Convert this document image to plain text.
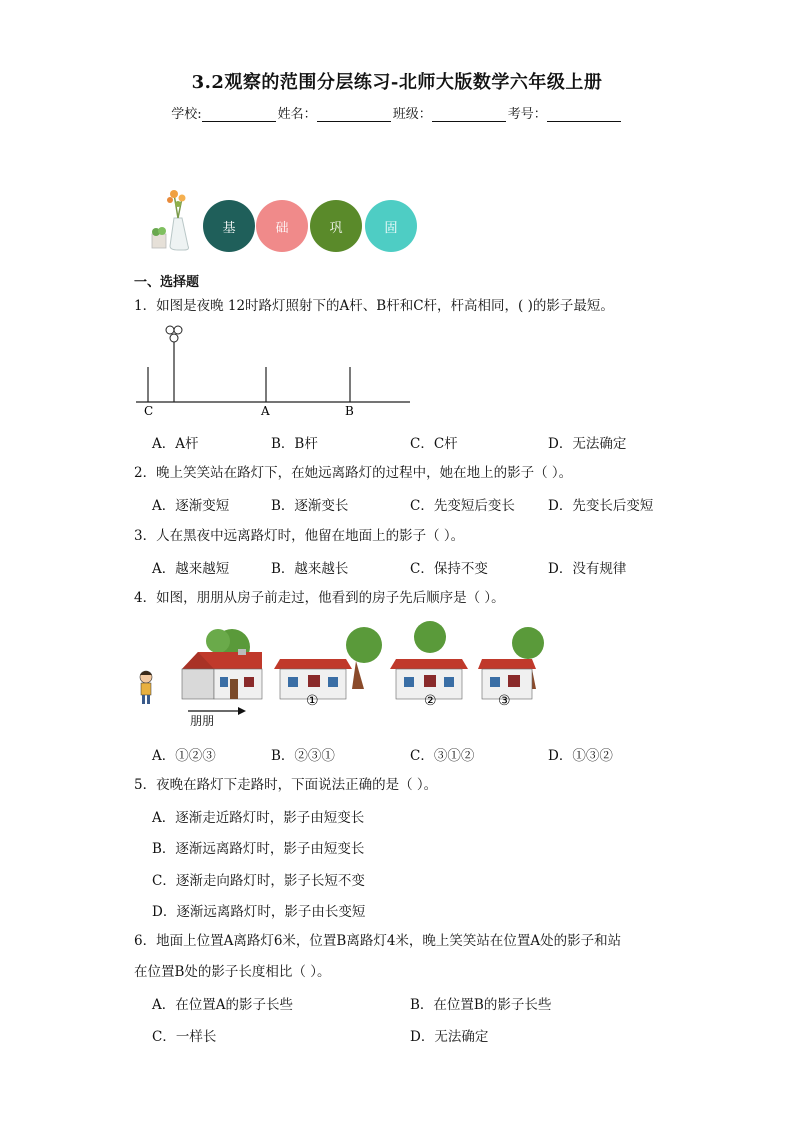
3.2观察的范围分层练习-北师大版数学六年级上册
学校:	姓名：	班级：	考号：
基	础	巩	固
一、选择题
1．如图是夜晚 12时路灯照射下的A杆、B杆和C杆，杆高相同，( )的影子最短。
C	A	B
A．A杆	B．B杆	C．C杆	D．无法确定
2．晚上笑笑站在路灯下，在她远离路灯的过程中，她在地上的影子（ ）。
A．逐渐变短	B．逐渐变长	C．先变短后变长 D．先变长后变短
3．人在黑夜中远离路灯时，他留在地面上的影子（ ）。
A．越来越短	B．越来越长	C．保持不变	D．没有规律
4．如图，朋朋从房子前走过，他看到的房子先后顺序是（ ）。
朋朋
①	②	③
A．①②③	B．②③①	C．③①②	D．①③②
5．夜晚在路灯下走路时，下面说法正确的是（ ）。
A．逐渐走近路灯时，影子由短变长
B．逐渐远离路灯时，影子由短变长
C．逐渐走向路灯时，影子长短不变
D．逐渐远离路灯时，影子由长变短
6．地面上位置A离路灯6米，位置B离路灯4米，晚上笑笑站在位置A处的影子和站
在位置B处的影子长度相比（ ）。
A．在位置A的影子长些	B．在位置B的影子长些
C．一样长	D．无法确定
